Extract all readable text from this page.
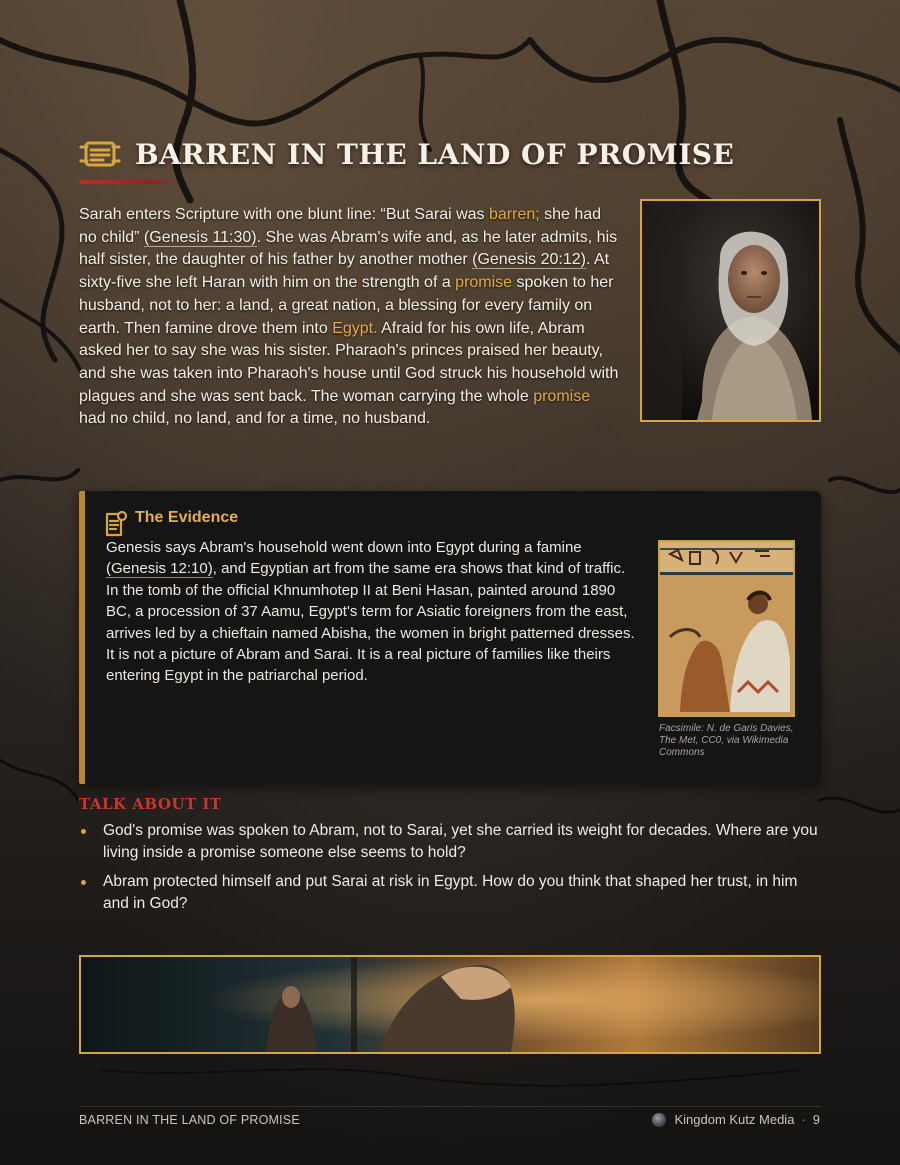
BARREN IN THE LAND OF PROMISE

Sarah enters Scripture with one blunt line: “But Sarai was barren; she had no child” (Genesis 11:30). She was Abram's wife and, as he later admits, his half sister, the daughter of his father by another mother (Genesis 20:12). At sixty-five she left Haran with him on the strength of a promise spoken to her husband, not to her: a land, a great nation, a blessing for every family on earth. Then famine drove them into Egypt. Afraid for his own life, Abram asked her to say she was his sister. Pharaoh's princes praised her beauty, and she was taken into Pharaoh's house until God struck his household with plagues and she was sent back. The woman carrying the whole promise had no child, no land, and for a time, no husband.

The Evidence

Genesis says Abram's household went down into Egypt during a famine (Genesis 12:10), and Egyptian art from the same era shows that kind of traffic. In the tomb of the official Khnumhotep II at Beni Hasan, painted around 1890 BC, a procession of 37 Aamu, Egypt's term for Asiatic foreigners from the east, arrives led by a chieftain named Abisha, the women in bright patterned dresses. It is not a picture of Abram and Sarai. It is a real picture of families like theirs entering Egypt in the patriarchal period.

Facsimile: N. de Garis Davies, The Met, CC0, via Wikimedia Commons
TALK ABOUT IT
God's promise was spoken to Abram, not to Sarai, yet she carried its weight for decades. Where are you living inside a promise someone else seems to hold?
Abram protected himself and put Sarai at risk in Egypt. How do you think that shaped her trust, in him and in God?
BARREN IN THE LAND OF PROMISE	Kingdom Kutz Media · 9
